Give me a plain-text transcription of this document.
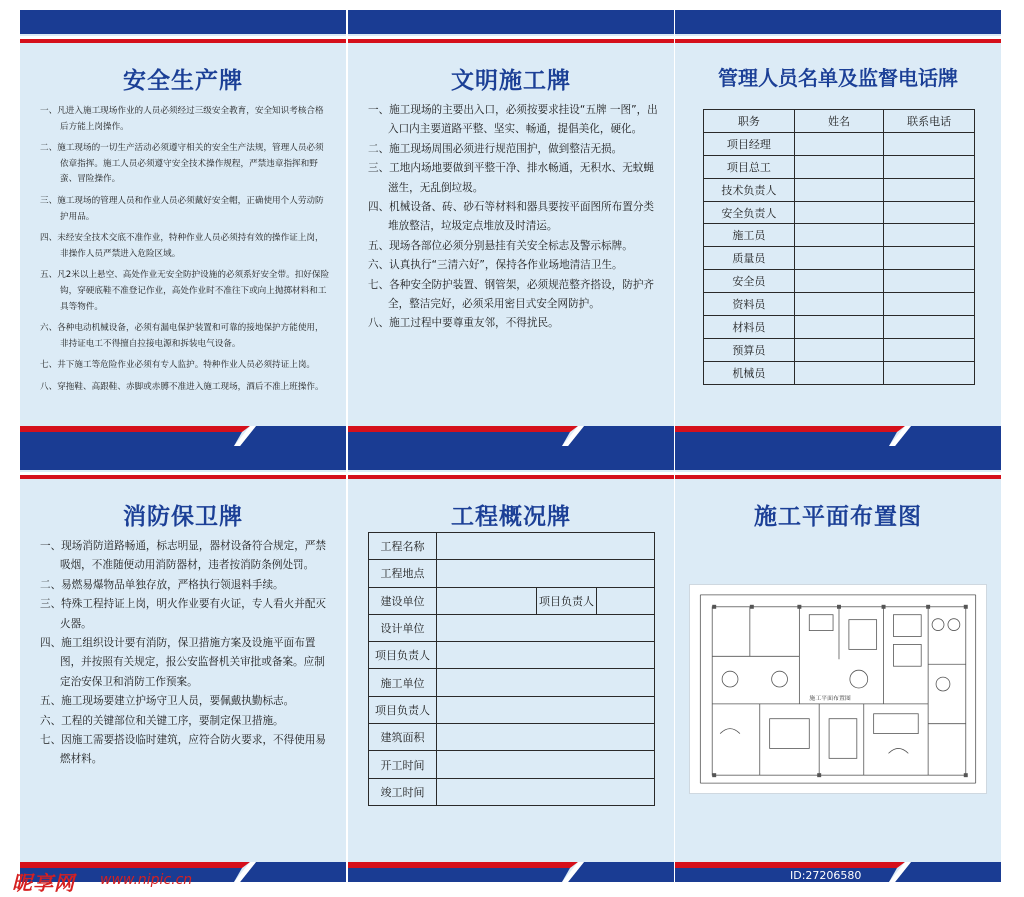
安全生产牌
一、凡进入施工现场作业的人员必须经过三级安全教育，安全知识考核合格后方能上岗操作。
二、施工现场的一切生产活动必须遵守相关的安全生产法规，管理人员必须依章指挥。施工人员必须遵守安全技术操作规程，严禁违章指挥和野蛮、冒险操作。
三、施工现场的管理人员和作业人员必须戴好安全帽，正确使用个人劳动防护用品。
四、未经安全技术交底不准作业，特种作业人员必须持有效的操作证上岗，非操作人员严禁进入危险区域。
五、凡2米以上悬空、高处作业无安全防护设施的必须系好安全带。扣好保险钩，穿硬底鞋不准登记作业，高处作业时不准往下或向上抛掷材料和工具等物件。
六、各种电动机械设备，必须有漏电保护装置和可靠的接地保护方能使用，非持证电工不得擅自拉接电源和拆装电气设备。
七、井下施工等危险作业必须有专人监护。特种作业人员必须持证上岗。
八、穿拖鞋、高跟鞋、赤脚或赤膊不准进入施工现场，酒后不准上班操作。
文明施工牌
一、施工现场的主要出入口，必须按要求挂设“五牌 一图”，出入口内主要道路平整、坚实、畅通，提倡美化，硬化。
二、施工现场周围必须进行规范围护，做到整洁无损。
三、工地内场地要做到平整干净、排水畅通，无积水、无蚊蝇滋生，无乱倒垃圾。
四、机械设备、砖、砂石等材料和器具要按平面图所布置分类堆放整洁，垃圾定点堆放及时清运。
五、现场各部位必须分别悬挂有关安全标志及警示标牌。
六、认真执行“三清六好”，保持各作业场地清洁卫生。
七、各种安全防护装置、钢管架，必须规范整齐搭设，防护齐全，整洁完好，必须采用密目式安全网防护。
八、施工过程中要尊重友邻，不得扰民。
管理人员名单及监督电话牌
职务	姓名	联系电话
项目经理		
项目总工		
技术负责人		
安全负责人		
施工员		
质量员		
安全员		
资料员		
材料员		
预算员		
机械员		
消防保卫牌
一、现场消防道路畅通，标志明显，器材设备符合规定，严禁吸烟，不准随便动用消防器材，违者按消防条例处罚。
二、易燃易爆物品单独存放，严格执行领退料手续。
三、特殊工程持证上岗，明火作业要有火证，专人看火并配灭火器。
四、施工组织设计要有消防，保卫措施方案及设施平面布置图，并按照有关规定，报公安监督机关审批或备案。应制定治安保卫和消防工作预案。
五、施工现场要建立护场守卫人员，要佩戴执勤标志。
六、工程的关键部位和关键工序，要制定保卫措施。
七、因施工需要搭设临时建筑，应符合防火要求，不得使用易燃材料。
工程概况牌
工程名称			
工程地点			
建设单位		项目负责人	
设计单位			
项目负责人			
施工单位			
项目负责人			
建筑面积			
开工时间			
竣工时间			
施工平面布置图
施工平面布置图
昵享网 www.nipic.cn	ID:27206580 NO:20230330164739172103
